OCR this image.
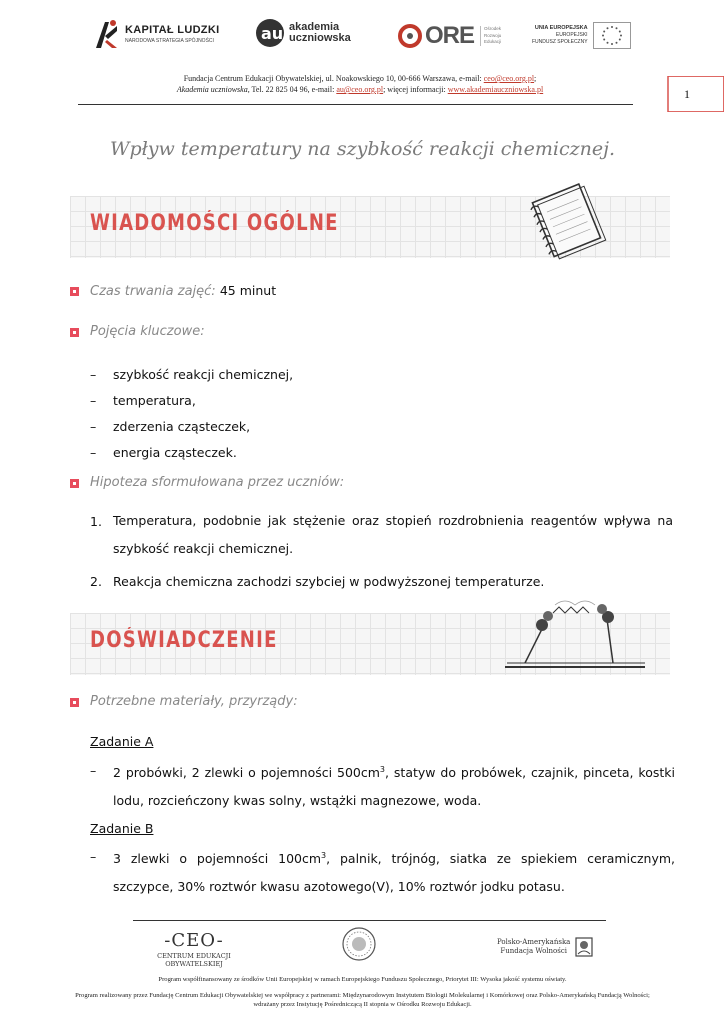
KAPITAŁ LUDZKI
NARODOWA STRATEGIA SPÓJNOŚCI	au akademia
uczniowska	ORE Ośrodek
Rozwoju
Edukacji
UNIA EUROPEJSKA
EUROPEJSKI
FUNDUSZ SPOŁECZNY
Fundacja Centrum Edukacji Obywatelskiej, ul. Noakowskiego 10, 00-666 Warszawa, e-mail: ceo@ceo.org.pl;
Akademia uczniowska, Tel. 22 825 04 96, e-mail: au@ceo.org.pl; więcej informacji: www.akademiauczniowska.pl	1
Wpływ temperatury na szybkość reakcji chemicznej.
WIADOMOŚCI OGÓLNE
Czas trwania zajęć: 45 minut
Pojęcia kluczowe:
– szybkość reakcji chemicznej,
– temperatura,
– zderzenia cząsteczek,
– energia cząsteczek.
Hipoteza sformułowana przez uczniów:
1. Temperatura, podobnie jak stężenie oraz stopień rozdrobnienia reagentów wpływa na szybkość reakcji chemicznej.
2. Reakcja chemiczna zachodzi szybciej w podwyższonej temperaturze.
DOŚWIADCZENIE
Potrzebne materiały, przyrządy:
Zadanie A
– 2 probówki, 2 zlewki o pojemności $500cm^3$, statyw do probówek, czajnik, pinceta, kostki lodu, rozcieńczony kwas solny, wstążki magnezowe, woda.
Zadanie B
– 3 zlewki o pojemności $100cm^3$, palnik, trójnóg, siatka ze spiekiem ceramicznym, szczypce, 30% roztwór kwasu azotowego(V), 10% roztwór jodku potasu.
-CEO-
CENTRUM EDUKACJI OBYWATELSKIEJ
Polsko-Amerykańska
Fundacja Wolności
Program współfinansowany ze środków Unii Europejskiej w ramach Europejskiego Funduszu Społecznego, Priorytet III: Wysoka jakość systemu oświaty.
Program realizowany przez Fundację Centrum Edukacji Obywatelskiej we współpracy z partnerami: Międzynarodowym Instytutem Biologii Molekularnej i Komórkowej oraz Polsko-Amerykańską Fundacją Wolności;
wdrażany przez Instytucję Pośredniczącą II stopnia w Ośrodku Rozwoju Edukacji.
